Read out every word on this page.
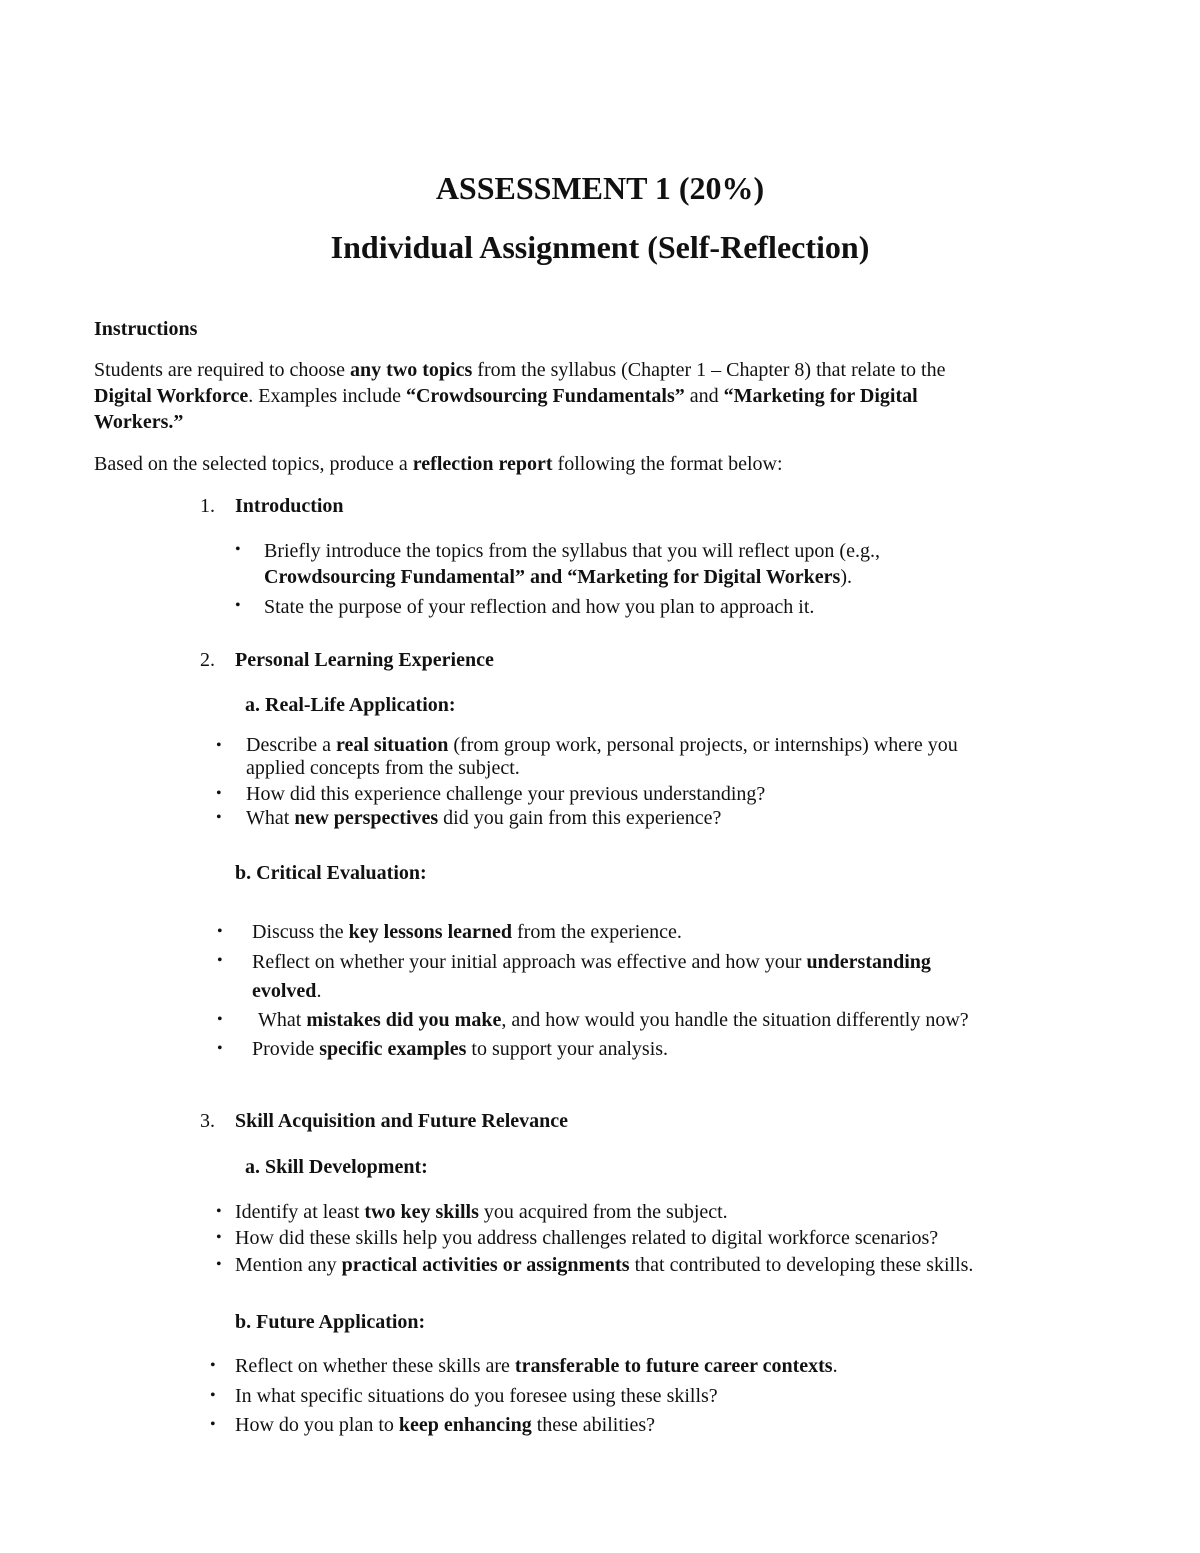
ASSESSMENT 1 (20%)
Individual Assignment (Self-Reflection)
Instructions
Students are required to choose any two topics from the syllabus (Chapter 1 – Chapter 8) that relate to the
Digital Workforce. Examples include “Crowdsourcing Fundamentals” and “Marketing for Digital
Workers.”
Based on the selected topics, produce a reflection report following the format below:
1. Introduction
• Briefly introduce the topics from the syllabus that you will reflect upon (e.g.,
Crowdsourcing Fundamental” and “Marketing for Digital Workers).
• State the purpose of your reflection and how you plan to approach it.
2. Personal Learning Experience
a. Real-Life Application:
• Describe a real situation (from group work, personal projects, or internships) where you
applied concepts from the subject.
• How did this experience challenge your previous understanding?
• What new perspectives did you gain from this experience?
b. Critical Evaluation:
• Discuss the key lessons learned from the experience.
• Reflect on whether your initial approach was effective and how your understanding
evolved.
• What mistakes did you make, and how would you handle the situation differently now?
• Provide specific examples to support your analysis.
3. Skill Acquisition and Future Relevance
a. Skill Development:
• Identify at least two key skills you acquired from the subject.
• How did these skills help you address challenges related to digital workforce scenarios?
• Mention any practical activities or assignments that contributed to developing these skills.
b. Future Application:
• Reflect on whether these skills are transferable to future career contexts.
• In what specific situations do you foresee using these skills?
• How do you plan to keep enhancing these abilities?
